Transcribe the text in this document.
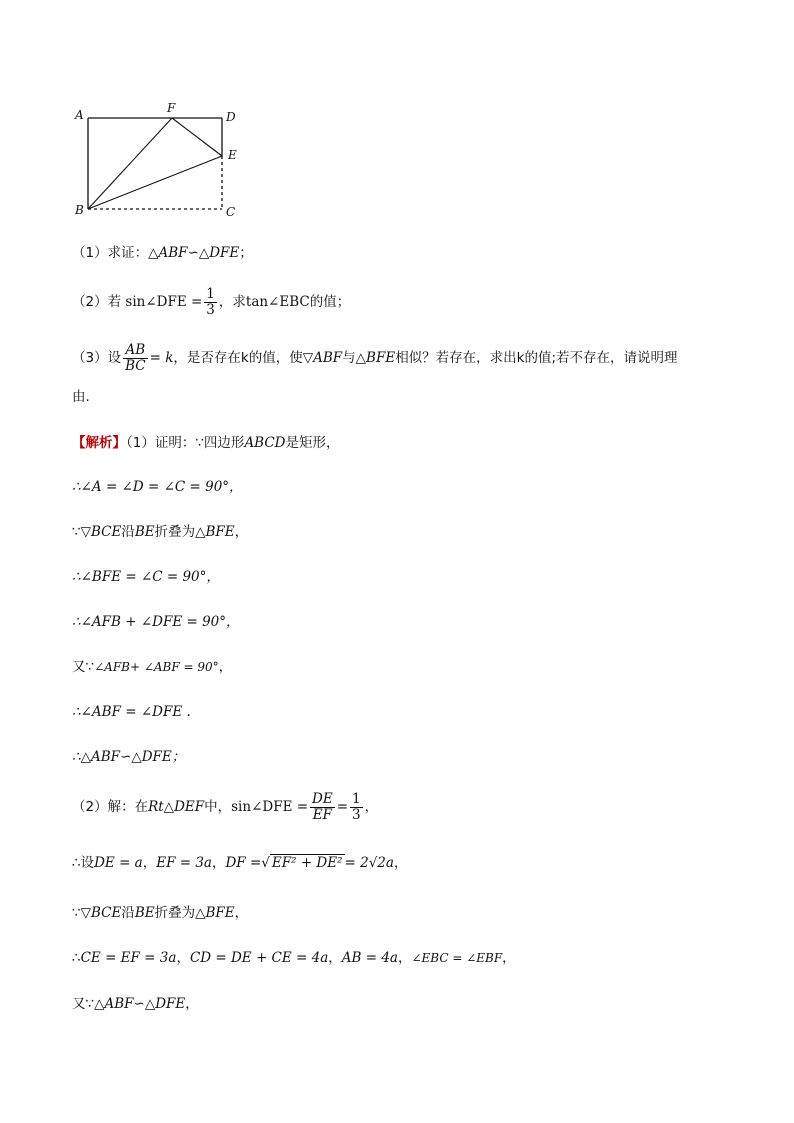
A	F
D
E
B	C
（1）求证：△ABF∽△DFE；
（2）若 sin∠DFE = $\frac{1}{3}$ ，求tan∠EBC的值；
（3）设 $\frac{AB}{BC} = k$，是否存在k的值，使▽ABF与△BFE相似？若存在，求出k的值;若不存在，请说明理
由.
【解析】（1）证明：∵四边形ABCD是矩形，
∴∠A = ∠D = ∠C = 90°，
∵▽BCE沿BE折叠为△BFE，
∴∠BFE = ∠C = 90°，
∴∠AFB + ∠DFE = 90°，
又∵∠AFB+ ∠ABF = 90°，
∴∠ABF = ∠DFE .
∴△ABF∽△DFE；
（2）解：在Rt△DEF中，sin∠DFE = $\frac{DE}{EF} = \frac{1}{3}$ ，
∴设DE = a，EF = 3a，DF =√ EF² + DE² = 2√2a，
∵▽BCE沿BE折叠为△BFE，
∴CE = EF = 3a，CD = DE + CE = 4a，AB = 4a，∠EBC = ∠EBF，
又∵△ABF∽△DFE，
